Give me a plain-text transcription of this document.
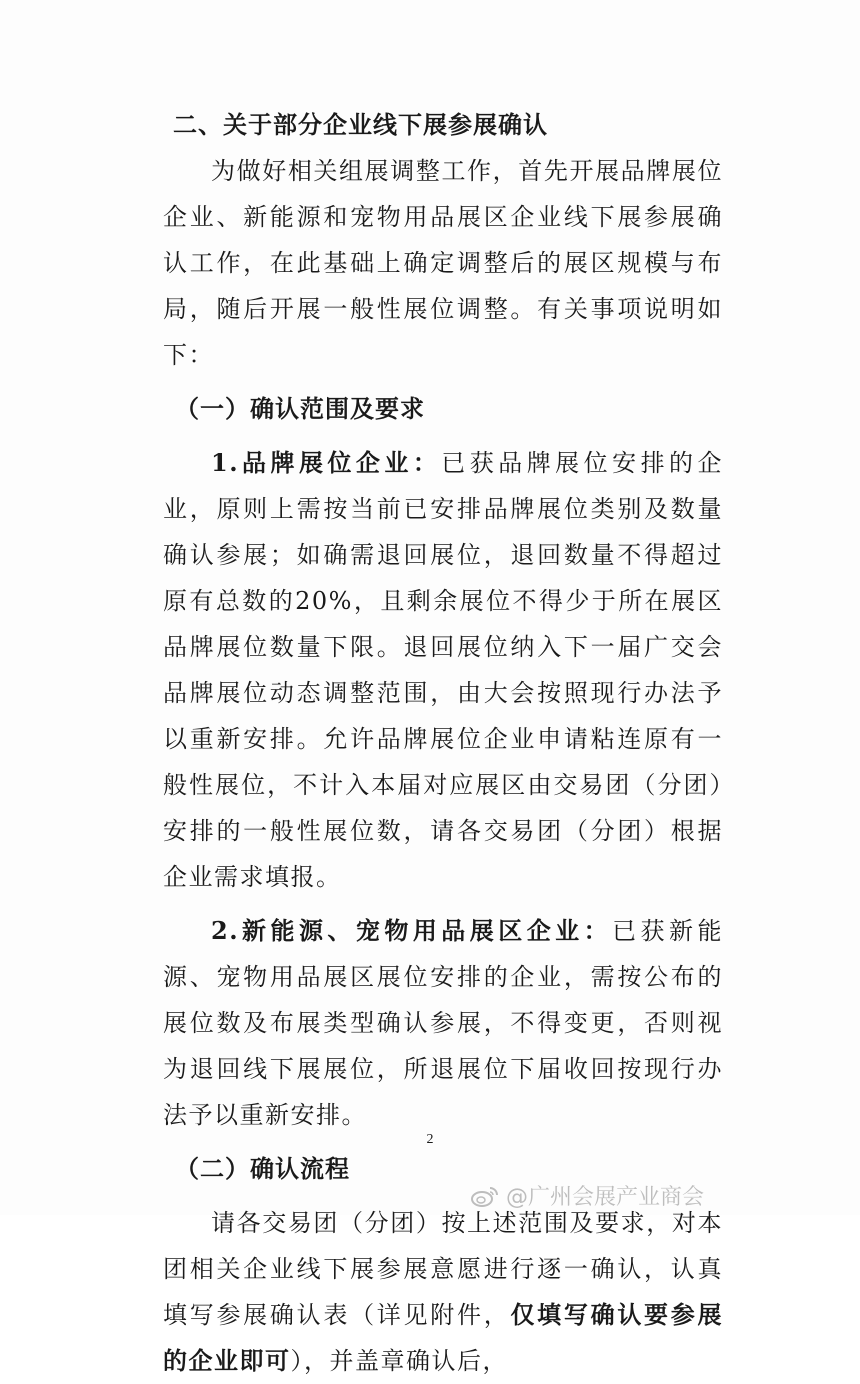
二、关于部分企业线下展参展确认

为做好相关组展调整工作，首先开展品牌展位企业、新能源和宠物用品展区企业线下展参展确认工作，在此基础上确定调整后的展区规模与布局，随后开展一般性展位调整。有关事项说明如下：

（一）确认范围及要求

1.品牌展位企业：已获品牌展位安排的企业，原则上需按当前已安排品牌展位类别及数量确认参展；如确需退回展位，退回数量不得超过原有总数的20%，且剩余展位不得少于所在展区品牌展位数量下限。退回展位纳入下一届广交会品牌展位动态调整范围，由大会按照现行办法予以重新安排。允许品牌展位企业申请粘连原有一般性展位，不计入本届对应展区由交易团（分团）安排的一般性展位数，请各交易团（分团）根据企业需求填报。

2.新能源、宠物用品展区企业：已获新能源、宠物用品展区展位安排的企业，需按公布的展位数及布展类型确认参展，不得变更，否则视为退回线下展展位，所退展位下届收回按现行办法予以重新安排。

（二）确认流程

请各交易团（分团）按上述范围及要求，对本团相关企业线下展参展意愿进行逐一确认，认真填写参展确认表（详见附件，仅填写确认要参展的企业即可），并盖章确认后，

2
@广州会展产业商会
